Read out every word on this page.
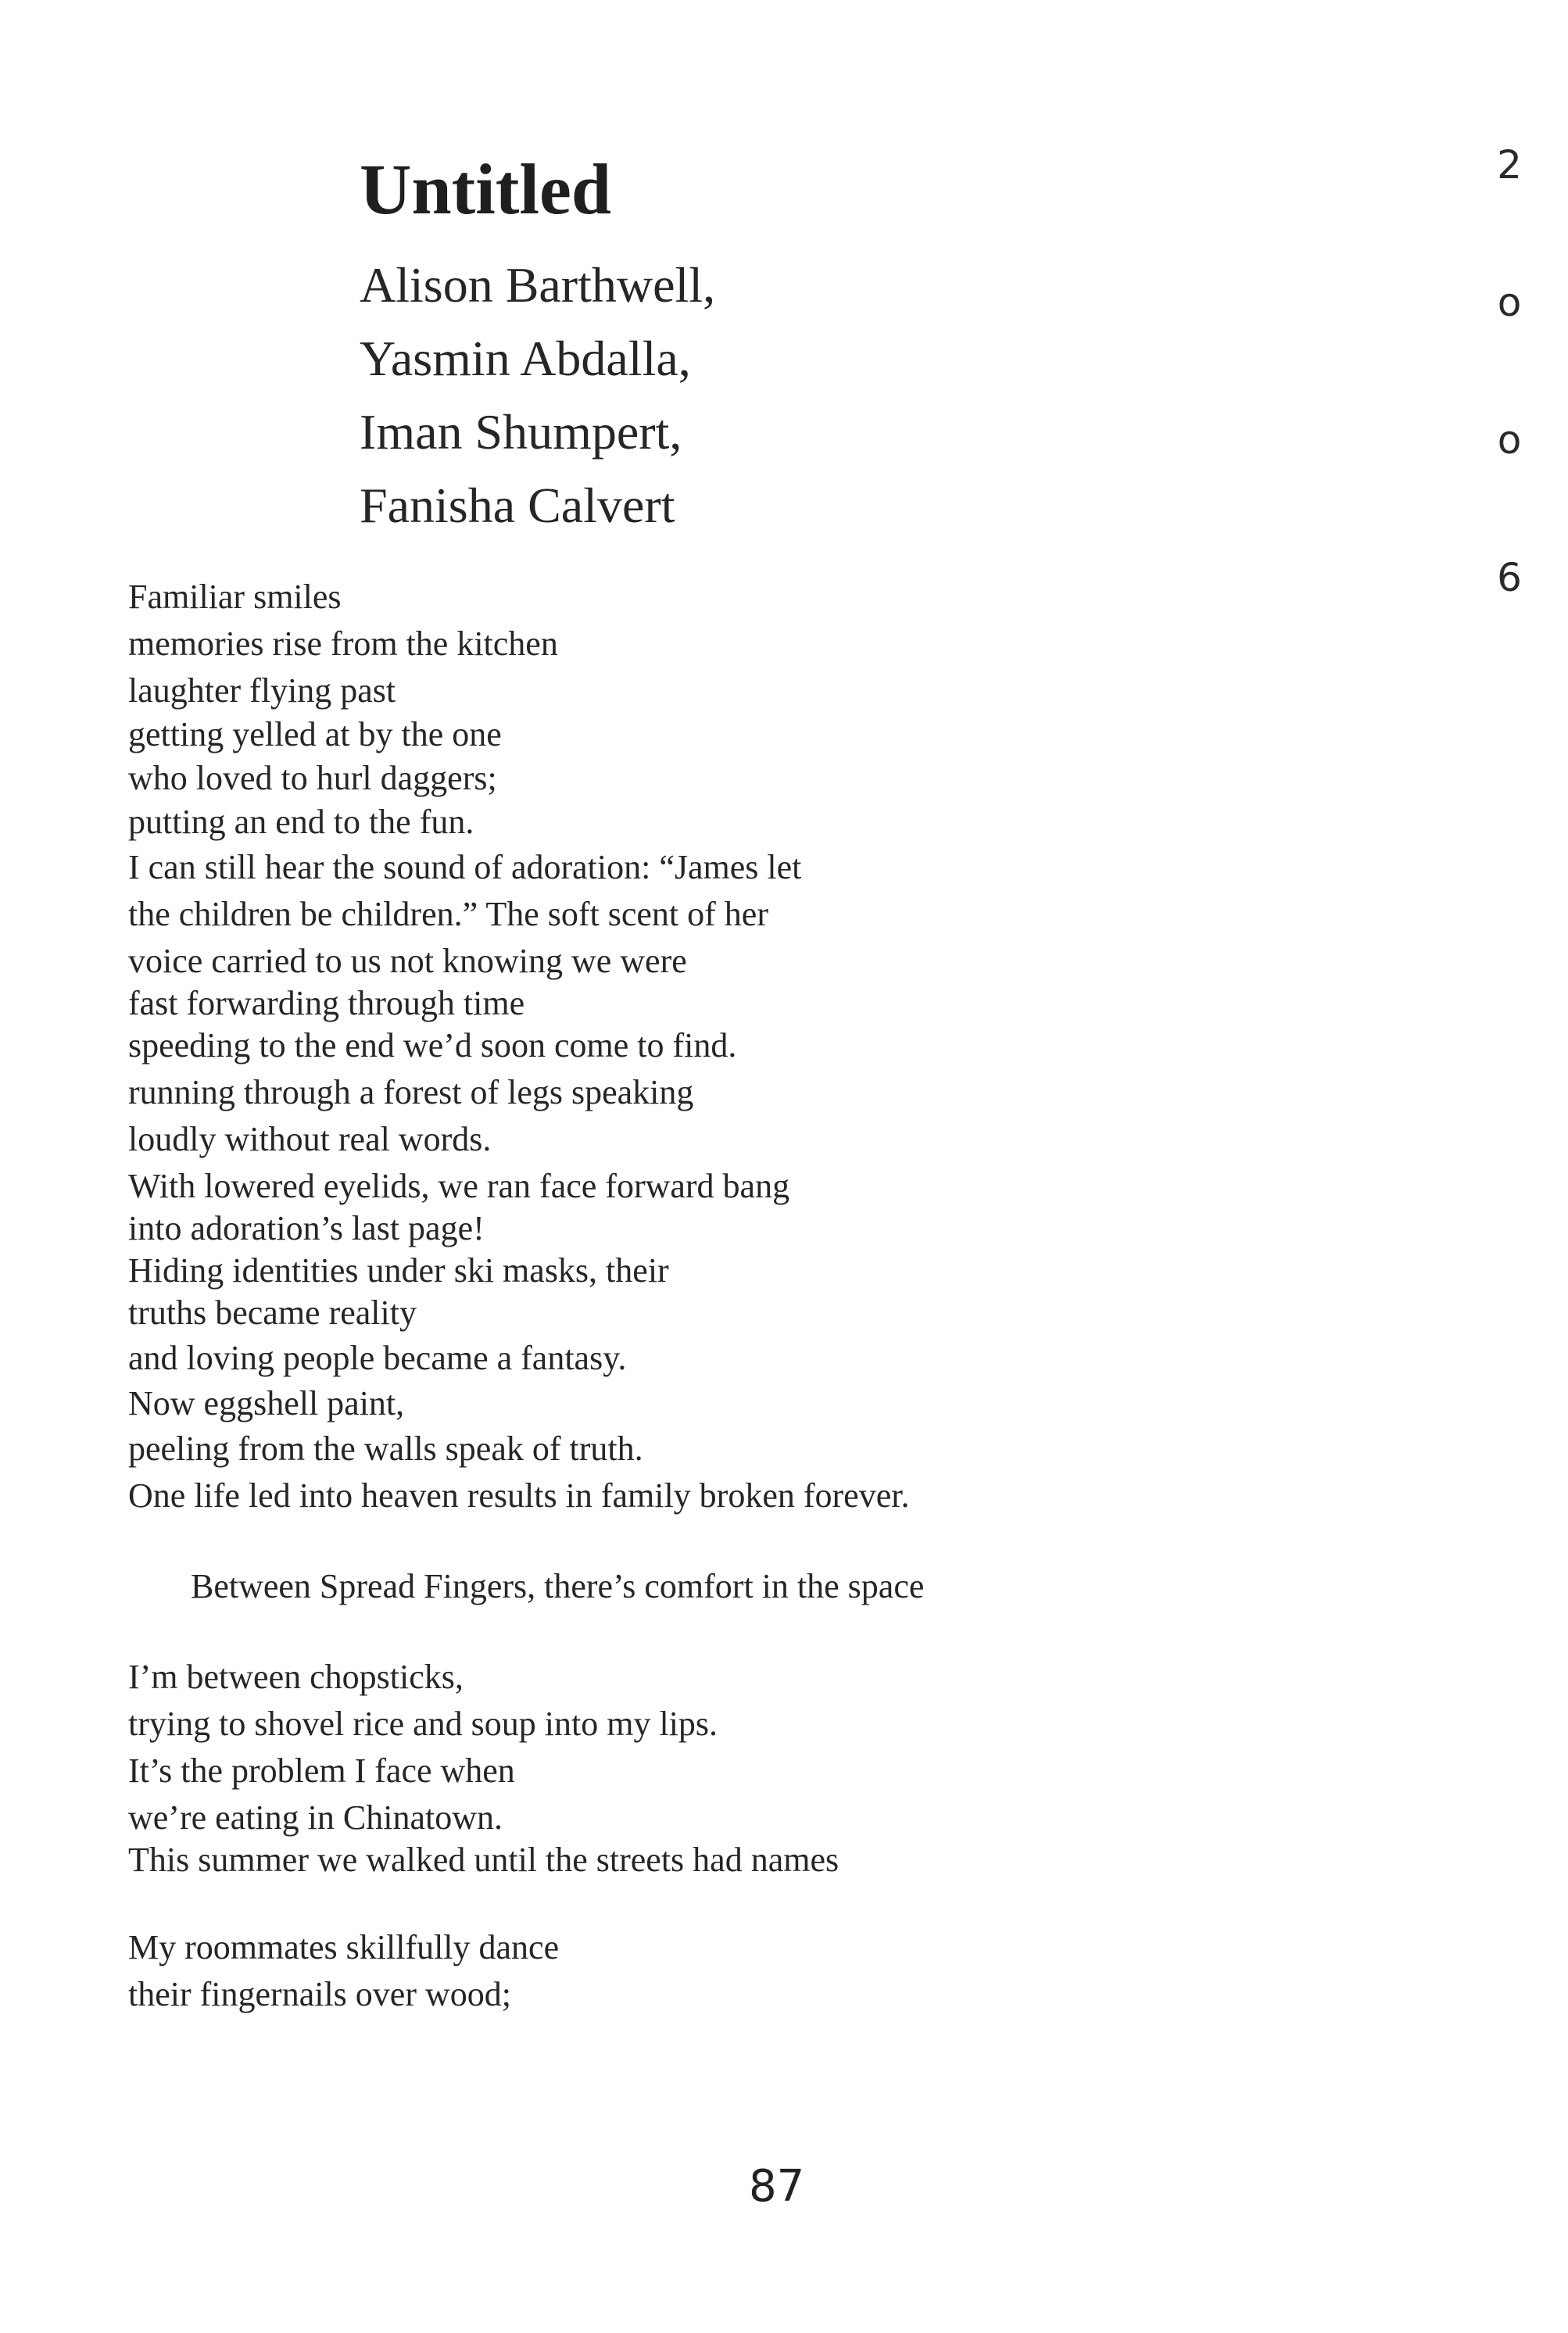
Untitled
Alison Barthwell,
Yasmin Abdalla,
Iman Shumpert,
Fanisha Calvert
2
o
o
6
Familiar smiles
memories rise from the kitchen
laughter flying past
getting yelled at by the one
who loved to hurl daggers;
putting an end to the fun.
I can still hear the sound of adoration: “James let
the children be children.” The soft scent of her
voice carried to us not knowing we were
fast forwarding through time
speeding to the end we’d soon come to find.
running through a forest of legs speaking
loudly without real words.
With lowered eyelids, we ran face forward bang
into adoration’s last page!
Hiding identities under ski masks, their
truths became reality
and loving people became a fantasy.
Now eggshell paint,
peeling from the walls speak of truth.
One life led into heaven results in family broken forever.
Between Spread Fingers, there’s comfort in the space
I’m between chopsticks,
trying to shovel rice and soup into my lips.
It’s the problem I face when
we’re eating in Chinatown.
This summer we walked until the streets had names
My roommates skillfully dance
their fingernails over wood;
87
